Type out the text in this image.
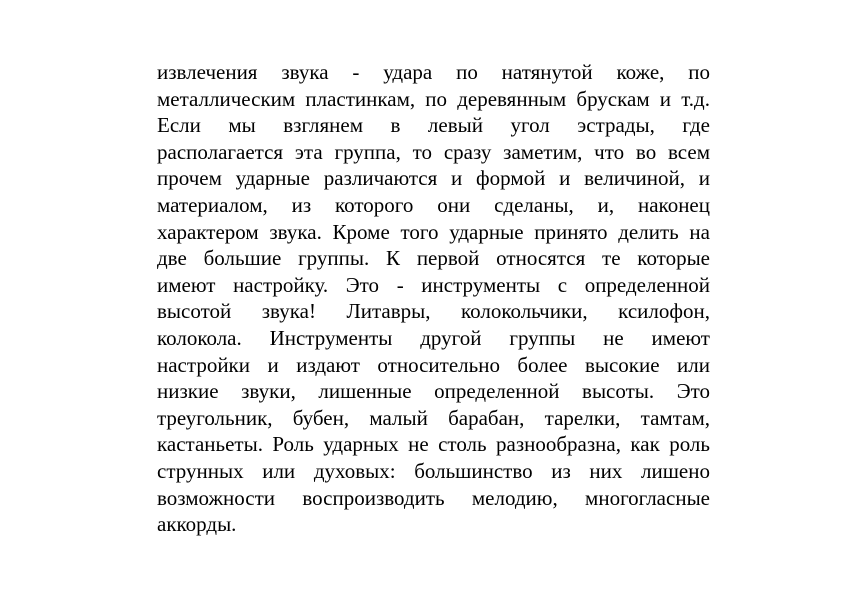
извлечения звука - удара по натянутой коже, по
металлическим пластинкам, по деревянным брускам и т.д.
Если мы взглянем в левый угол эстрады, где
располагается эта группа, то сразу заметим, что во всем
прочем ударные различаются и формой и величиной, и
материалом, из которого они сделаны, и, наконец
характером звука. Кроме того ударные принято делить на
две большие группы. К первой относятся те которые
имеют настройку. Это - инструменты с определенной
высотой звука! Литавры, колокольчики, ксилофон,
колокола. Инструменты другой группы не имеют
настройки и издают относительно более высокие или
низкие звуки, лишенные определенной высоты. Это
треугольник, бубен, малый барабан, тарелки, тамтам,
кастаньеты. Роль ударных не столь разнообразна, как роль
струнных или духовых: большинство из них лишено
возможности воспроизводить мелодию, многогласные
аккорды.
